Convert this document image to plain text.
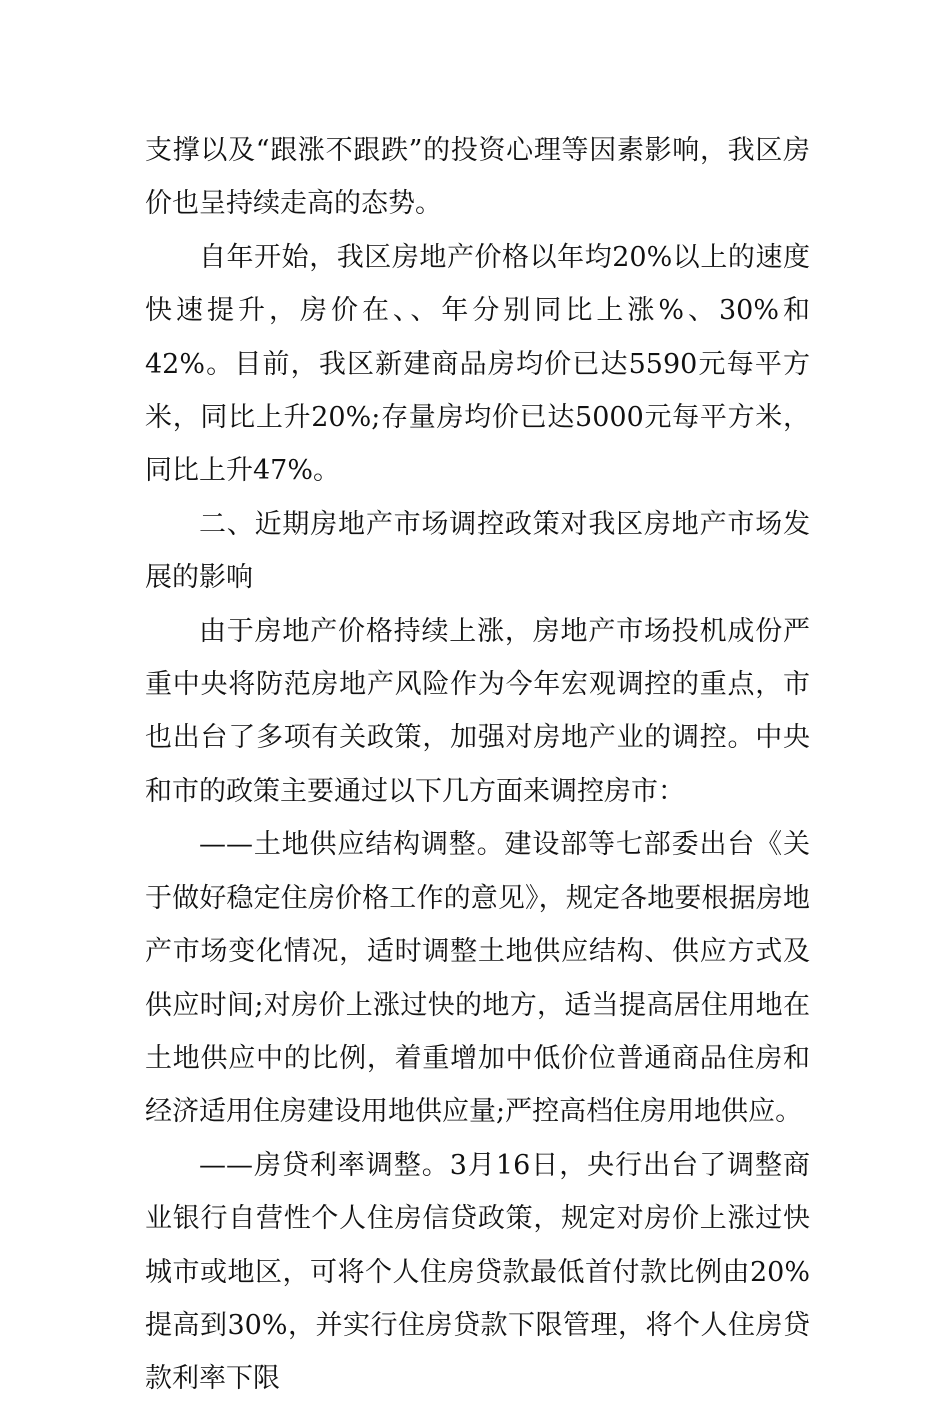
支撑以及“跟涨不跟跌”的投资心理等因素影响，我区房价也呈持续走高的态势。

自年开始，我区房地产价格以年均20%以上的速度快速提升，房价在、、年分别同比上涨%、30%和42%。目前，我区新建商品房均价已达5590元每平方米，同比上升20%;存量房均价已达5000元每平方米，同比上升47%。

二、近期房地产市场调控政策对我区房地产市场发展的影响

由于房地产价格持续上涨，房地产市场投机成份严重中央将防范房地产风险作为今年宏观调控的重点，市也出台了多项有关政策，加强对房地产业的调控。中央和市的政策主要通过以下几方面来调控房市：

——土地供应结构调整。建设部等七部委出台《关于做好稳定住房价格工作的意见》，规定各地要根据房地产市场变化情况，适时调整土地供应结构、供应方式及供应时间;对房价上涨过快的地方，适当提高居住用地在土地供应中的比例，着重增加中低价位普通商品住房和经济适用住房建设用地供应量;严控高档住房用地供应。

——房贷利率调整。3月16日，央行出台了调整商业银行自营性个人住房信贷政策，规定对房价上涨过快城市或地区，可将个人住房贷款最低首付款比例由20%提高到30%，并实行住房贷款下限管理，将个人住房贷款利率下限
